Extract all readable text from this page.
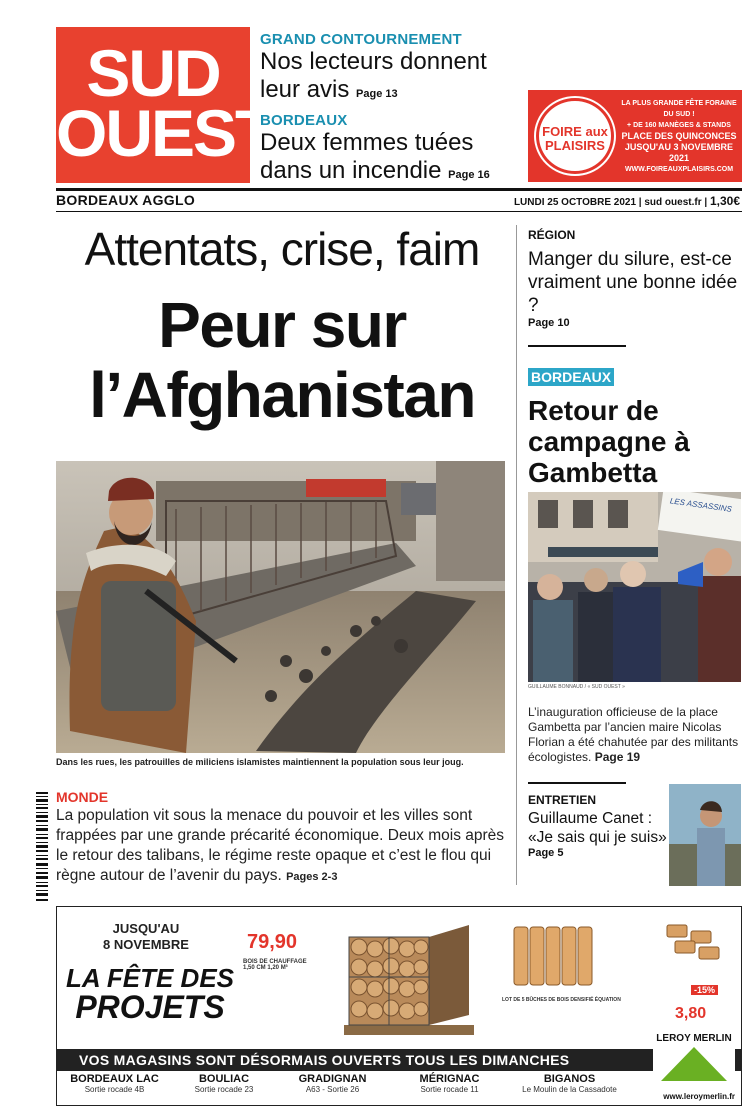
SUD
OUEST
GRAND CONTOURNEMENT
Nos lecteurs donnent leur avis Page 13
BORDEAUX
Deux femmes tuées dans un incendie Page 16
FOIRE aux PLAISIRS
LA PLUS GRANDE FÊTE FORAINE DU SUD !
+ DE 160 MANÈGES & STANDS
PLACE DES QUINCONCES
JUSQU'AU 3 NOVEMBRE 2021
WWW.FOIREAUXPLAISIRS.COM
BORDEAUX AGGLO	LUNDI 25 OCTOBRE 2021 | sud ouest.fr | 1,30€
Attentats, crise, faim
Peur sur
l’Afghanistan
Dans les rues, les patrouilles de miliciens islamistes maintiennent la population sous leur joug.
RÉGION
Manger du silure, est-ce vraiment une bonne idée ?
Page 10
BORDEAUX
Retour de campagne à Gambetta
LES ASSASSINS
GUILLAUME BONNAUD / « SUD OUEST »
L’inauguration officieuse de la place Gambetta par l’ancien maire Nicolas Florian a été chahutée par des militants écologistes. Page 19
ENTRETIEN
Guillaume Canet : «Je sais qui je suis»
Page 5
MONDE
La population vit sous la menace du pouvoir et les villes sont frappées par une grande précarité économique. Deux mois après le retour des talibans, le régime reste opaque et c’est le flou qui règne autour de l’avenir du pays. Pages 2-3
JUSQU'AU
8 NOVEMBRE
LA FÊTE DES
PROJETS
79,90
BOIS DE CHAUFFAGE 1,50 CM 1,20 M³
LOT DE 5 BÛCHES DE BOIS DENSIFIÉ ÉQUATION
-15%
3,80
VOS MAGASINS SONT DÉSORMAIS OUVERTS TOUS LES DIMANCHES
BORDEAUX LAC
Sortie rocade 4B
BOULIAC
Sortie rocade 23
GRADIGNAN
A63 - Sortie 26
MÉRIGNAC
Sortie rocade 11
BIGANOS
Le Moulin de la Cassadote
LEROY MERLIN
www.leroymerlin.fr
